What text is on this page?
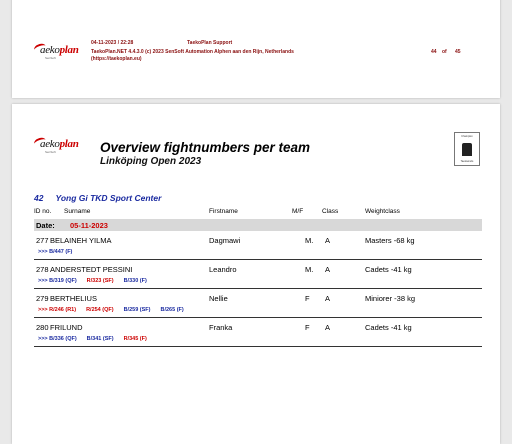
aekoplan
SenSoft
04-11-2023 / 22:28	TaekoPlan Support
TaekoPlan.NET 4.4.3.0 (c) 2023 SenSoft Automation Alphen aan den Rijn, Netherlands
(https://taekoplan.eu)
44 of 45
aekoplan
SenSoft	Overview fightnumbers per team
Linköping Open 2023
Champion
Taekwondo
42 Yong Gi TKD Sport Center
ID no. Surname	Firstname	M/F	Class	Weightclass
Date: 05-11-2023
277 BELAINEH YILMA	Dagmawi	M. A	Masters -68 kg
>>> B/447 (F)
278 ANDERSTEDT PESSINI	Leandro	M. A	Cadets -41 kg
>>> B/319 (QF) R/323 (SF) B/330 (F)
279 BERTHELIUS	Nellie	F A	Miniorer -38 kg
>>> R/246 (R1) R/254 (QF) B/259 (SF) B/265 (F)
280 FRILUND	Franka	F A	Cadets -41 kg
>>> B/336 (QF) B/341 (SF) R/345 (F)
